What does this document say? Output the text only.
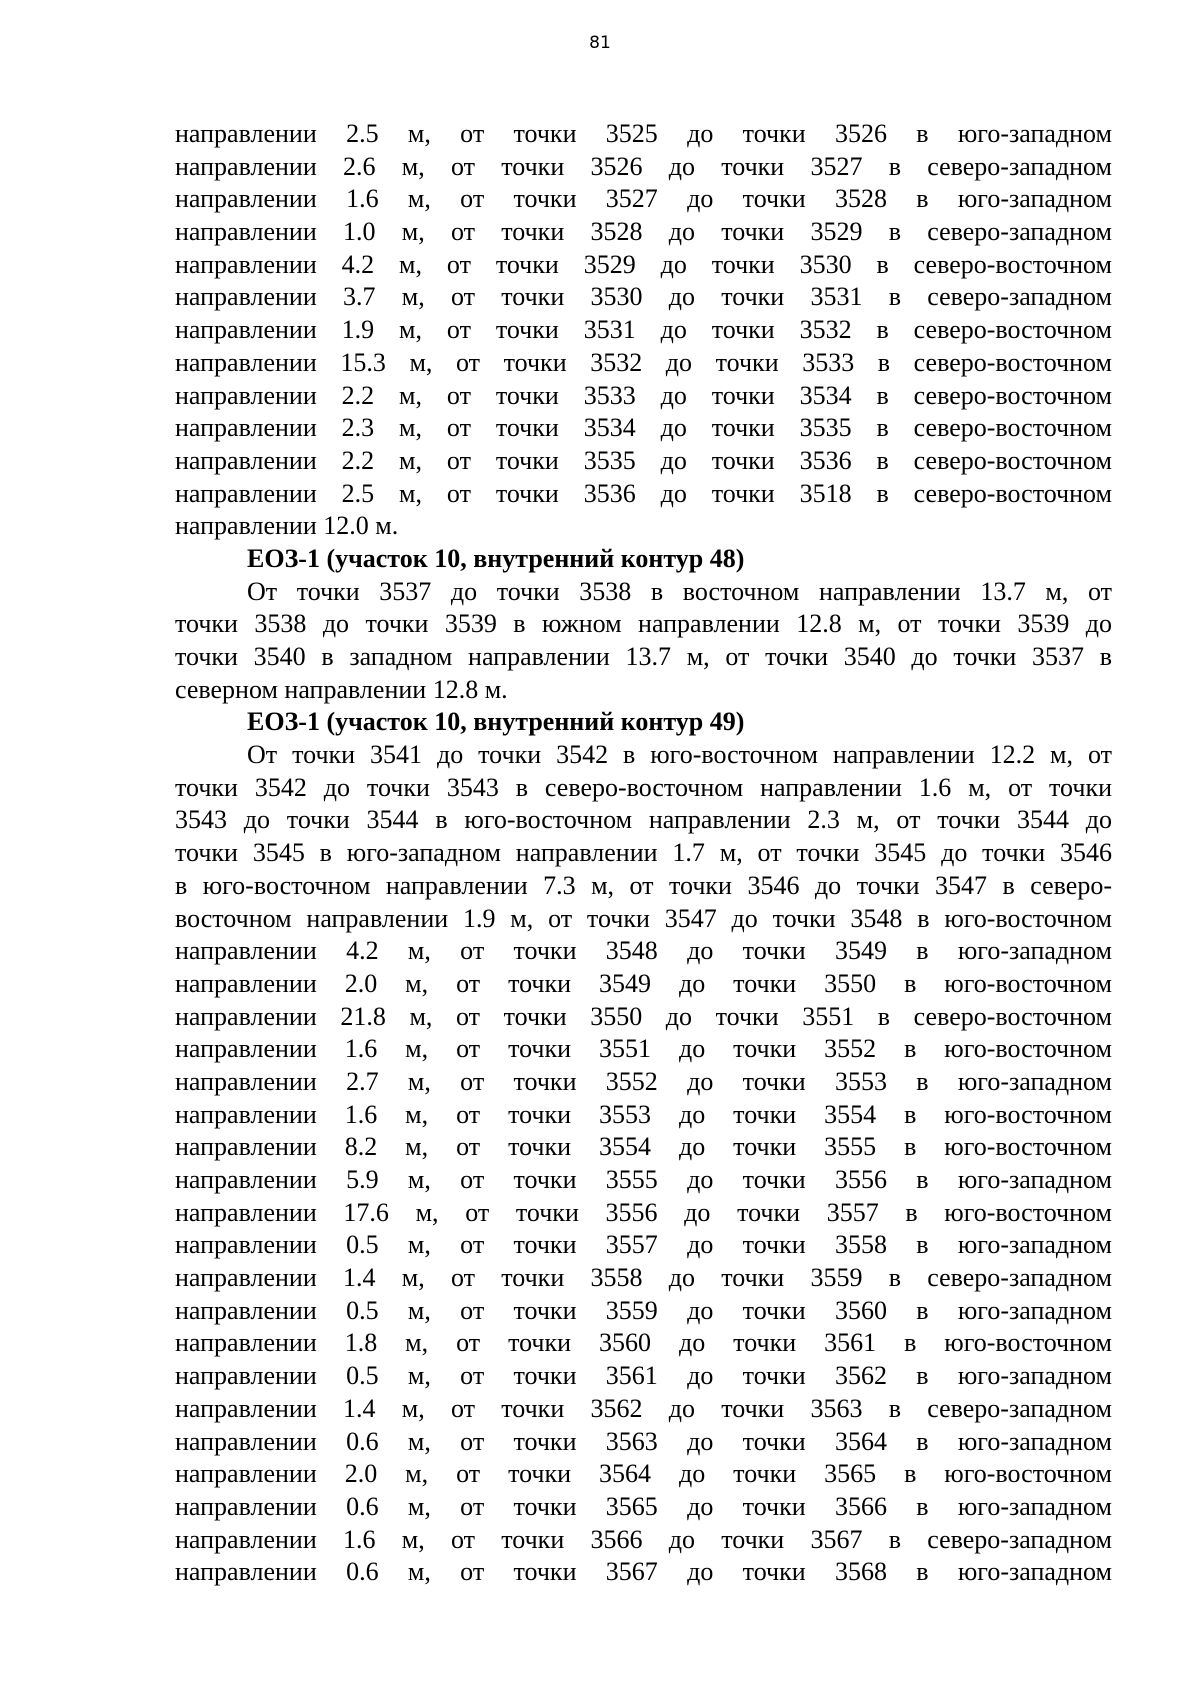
81
направлении 2.5 м, от точки 3525 до точки 3526 в юго-западном
направлении 2.6 м, от точки 3526 до точки 3527 в северо-западном
направлении 1.6 м, от точки 3527 до точки 3528 в юго-западном
направлении 1.0 м, от точки 3528 до точки 3529 в северо-западном
направлении 4.2 м, от точки 3529 до точки 3530 в северо-восточном
направлении 3.7 м, от точки 3530 до точки 3531 в северо-западном
направлении 1.9 м, от точки 3531 до точки 3532 в северо-восточном
направлении 15.3 м, от точки 3532 до точки 3533 в северо-восточном
направлении 2.2 м, от точки 3533 до точки 3534 в северо-восточном
направлении 2.3 м, от точки 3534 до точки 3535 в северо-восточном
направлении 2.2 м, от точки 3535 до точки 3536 в северо-восточном
направлении 2.5 м, от точки 3536 до точки 3518 в северо-восточном
направлении 12.0 м.
ЕОЗ-1 (участок 10, внутренний контур 48)
От точки 3537 до точки 3538 в восточном направлении 13.7 м, от
точки 3538 до точки 3539 в южном направлении 12.8 м, от точки 3539 до
точки 3540 в западном направлении 13.7 м, от точки 3540 до точки 3537 в
северном направлении 12.8 м.
ЕОЗ-1 (участок 10, внутренний контур 49)
От точки 3541 до точки 3542 в юго-восточном направлении 12.2 м, от
точки 3542 до точки 3543 в северо-восточном направлении 1.6 м, от точки
3543 до точки 3544 в юго-восточном направлении 2.3 м, от точки 3544 до
точки 3545 в юго-западном направлении 1.7 м, от точки 3545 до точки 3546
в юго-восточном направлении 7.3 м, от точки 3546 до точки 3547 в северо-
восточном направлении 1.9 м, от точки 3547 до точки 3548 в юго-восточном
направлении 4.2 м, от точки 3548 до точки 3549 в юго-западном
направлении 2.0 м, от точки 3549 до точки 3550 в юго-восточном
направлении 21.8 м, от точки 3550 до точки 3551 в северо-восточном
направлении 1.6 м, от точки 3551 до точки 3552 в юго-восточном
направлении 2.7 м, от точки 3552 до точки 3553 в юго-западном
направлении 1.6 м, от точки 3553 до точки 3554 в юго-восточном
направлении 8.2 м, от точки 3554 до точки 3555 в юго-восточном
направлении 5.9 м, от точки 3555 до точки 3556 в юго-западном
направлении 17.6 м, от точки 3556 до точки 3557 в юго-восточном
направлении 0.5 м, от точки 3557 до точки 3558 в юго-западном
направлении 1.4 м, от точки 3558 до точки 3559 в северо-западном
направлении 0.5 м, от точки 3559 до точки 3560 в юго-западном
направлении 1.8 м, от точки 3560 до точки 3561 в юго-восточном
направлении 0.5 м, от точки 3561 до точки 3562 в юго-западном
направлении 1.4 м, от точки 3562 до точки 3563 в северо-западном
направлении 0.6 м, от точки 3563 до точки 3564 в юго-западном
направлении 2.0 м, от точки 3564 до точки 3565 в юго-восточном
направлении 0.6 м, от точки 3565 до точки 3566 в юго-западном
направлении 1.6 м, от точки 3566 до точки 3567 в северо-западном
направлении 0.6 м, от точки 3567 до точки 3568 в юго-западном
